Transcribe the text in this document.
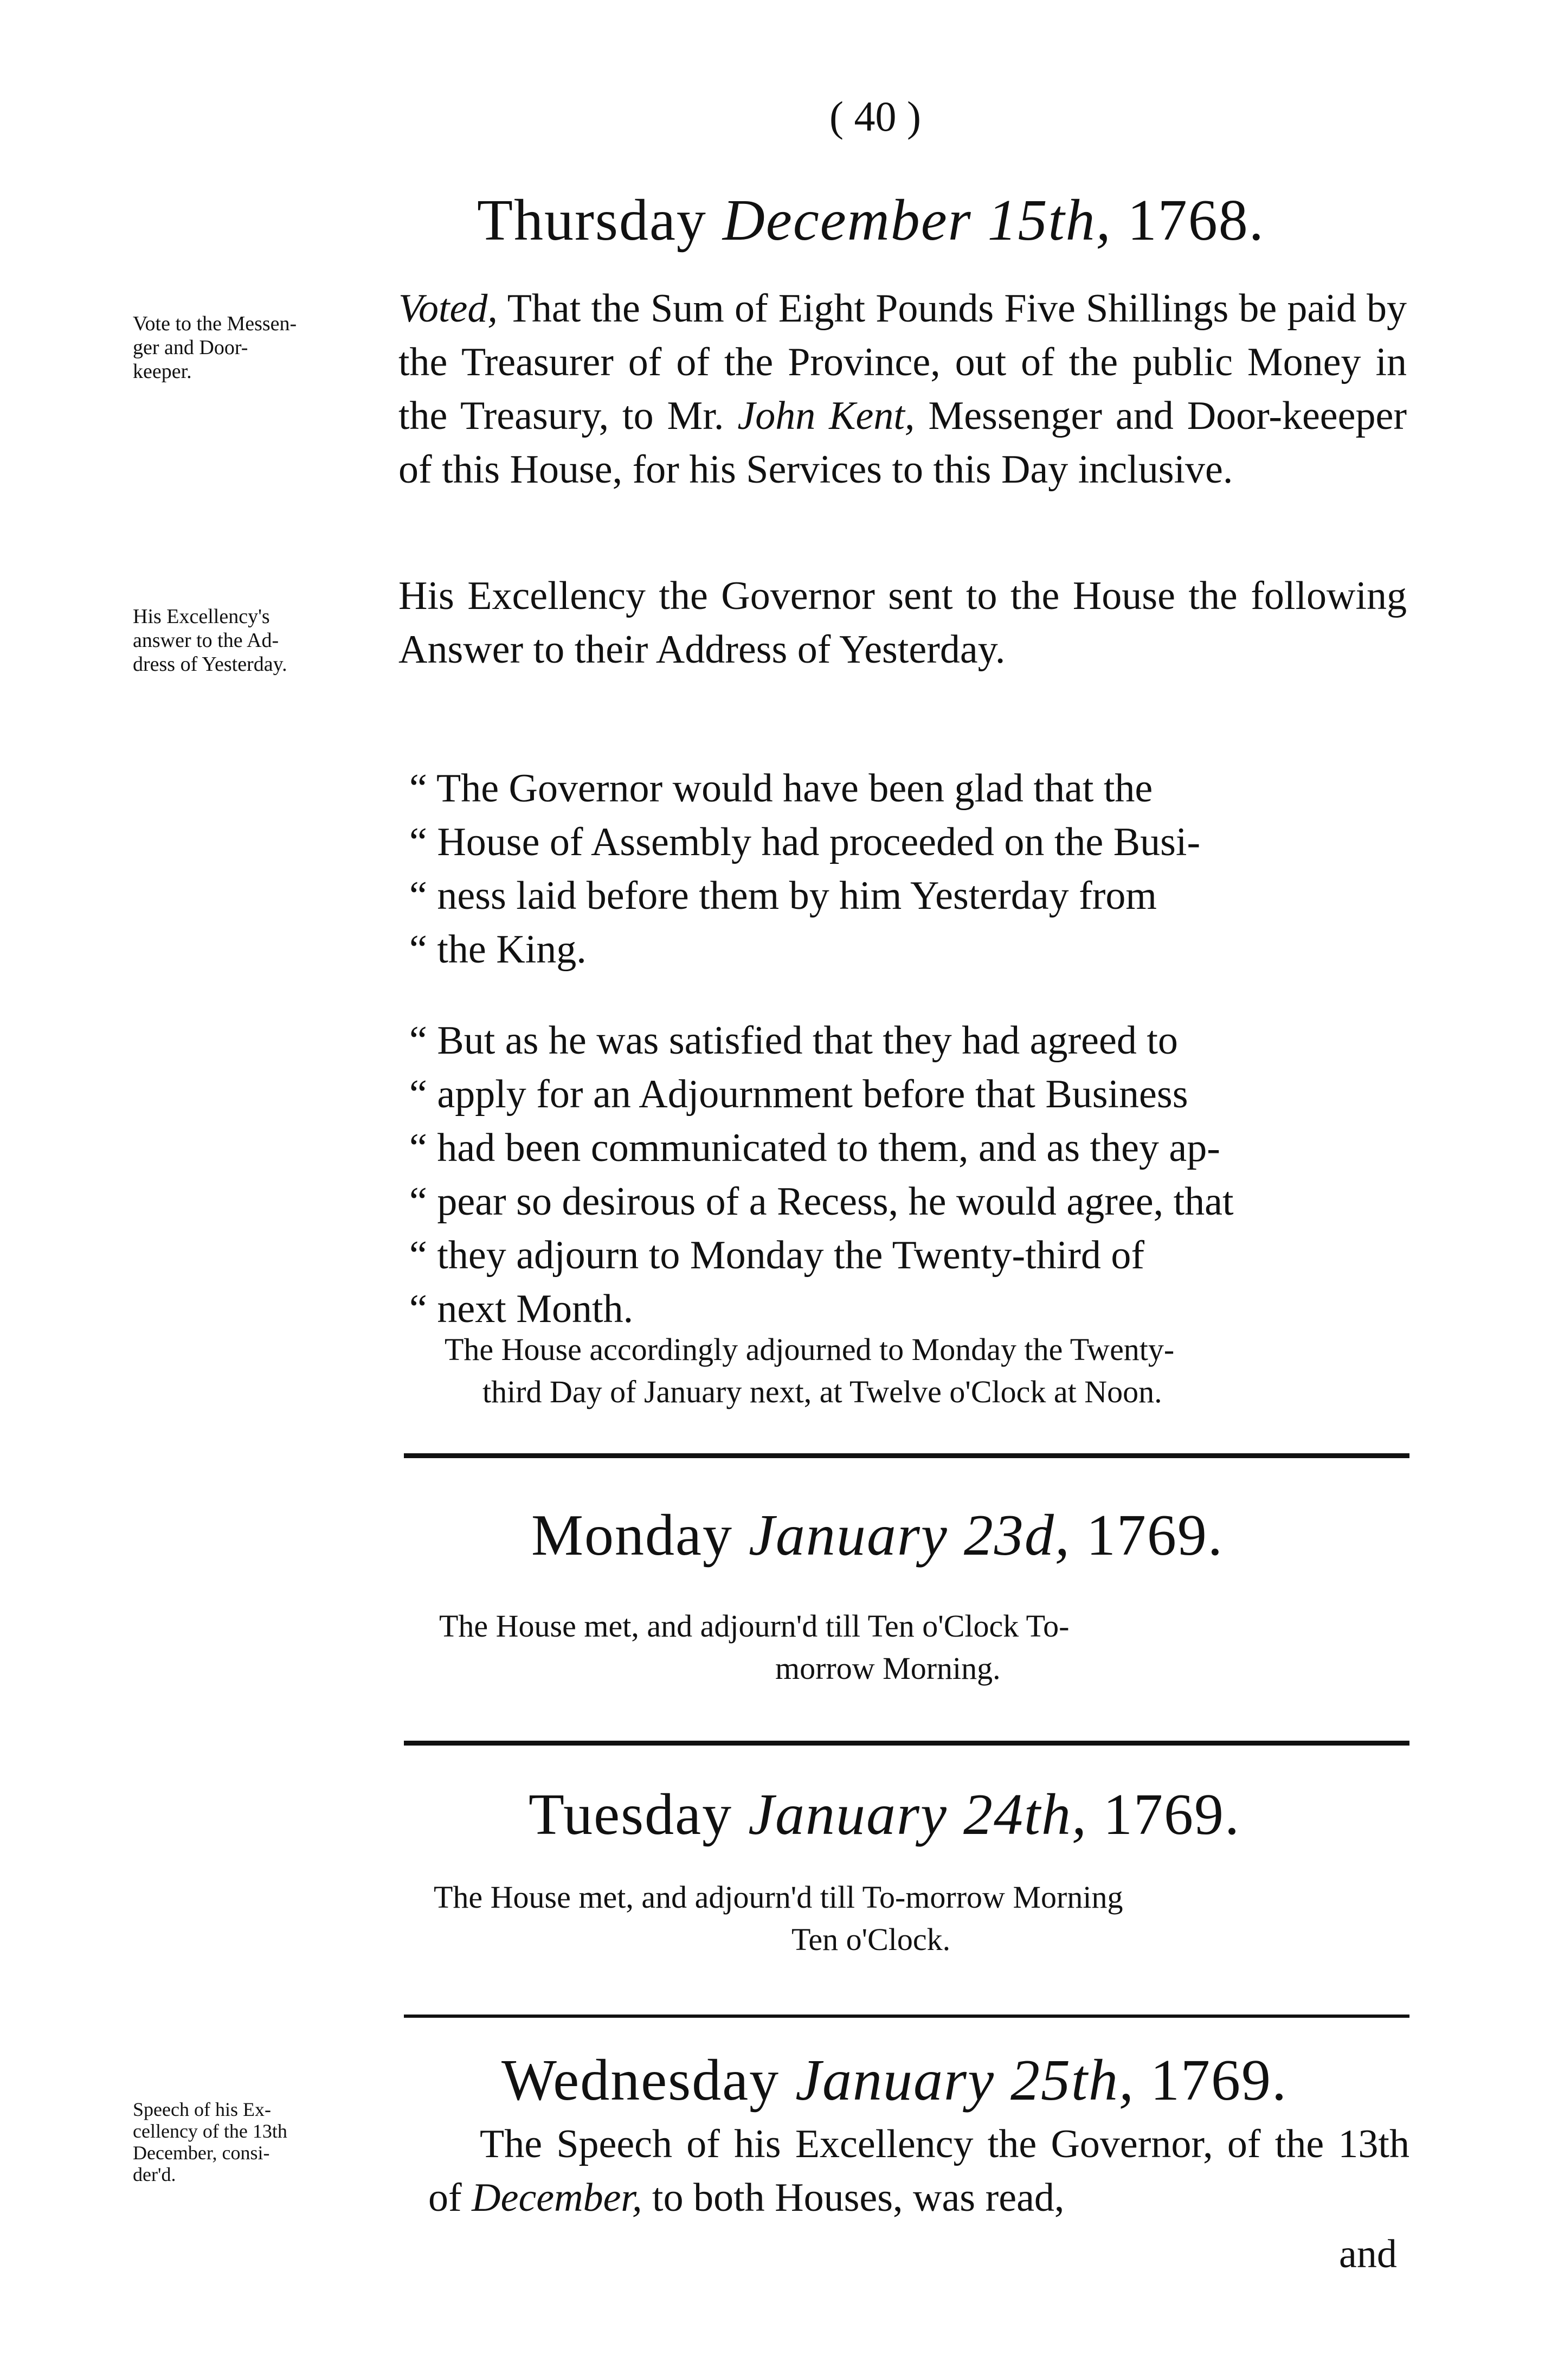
( 40 )
Thursday December 15th, 1768.
Vote to the Messen-
ger and Door-
keeper.
His Excellency's
answer to the Ad-
dress of Yesterday.
Voted, That the Sum of Eight Pounds Five Shillings be paid by the Treasurer of of the Province, out of the public Money in the Treasury, to Mr. John Kent, Messenger and Door-keeeper of this House, for his Services to this Day inclusive.
His Excellency the Governor sent to the House the following Answer to their Address of Yesterday.
“ The Governor would have been glad that the
“ House of Assembly had proceeded on the Busi-
“ ness laid before them by him Yesterday from
“ the King.
“ But as he was satisfied that they had agreed to
“ apply for an Adjournment before that Business
“ had been communicated to them, and as they ap-
“ pear so desirous of a Recess, he would agree, that
“ they adjourn to Monday the Twenty-third of
“ next Month.
The House accordingly adjourned to Monday the Twenty-
third Day of January next, at Twelve o'Clock at Noon.
Monday January 23d, 1769.
The House met, and adjourn'd till Ten o'Clock To-
morrow Morning.
Tuesday January 24th, 1769.
The House met, and adjourn'd till To-morrow Morning
Ten o'Clock.
Wednesday January 25th, 1769.
Speech of his Ex-
cellency of the 13th
December, consi-
der'd.
The Speech of his Excellency the Governor, of the 13th of December, to both Houses, was read,
and
